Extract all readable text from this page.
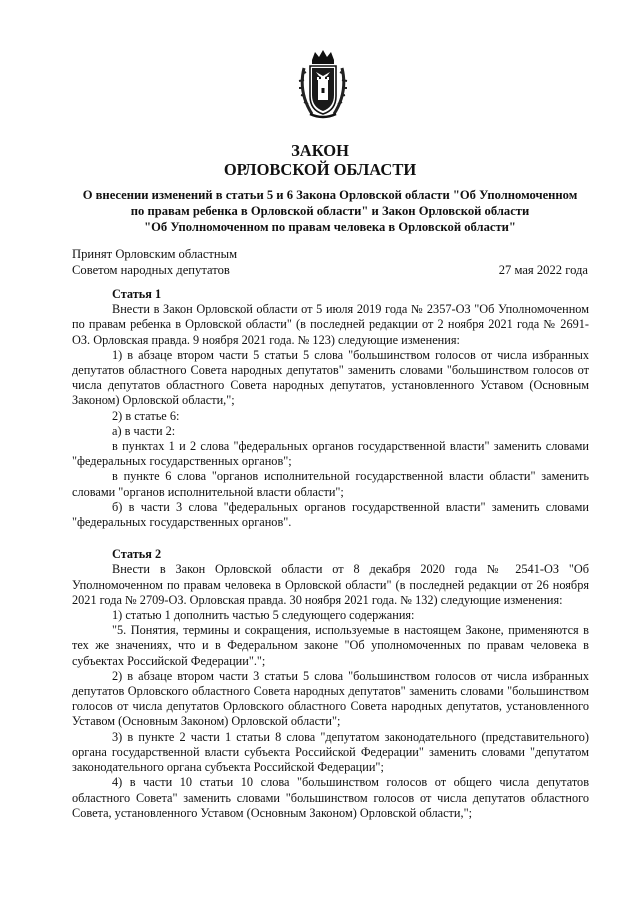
ЗАКОН
ОРЛОВСКОЙ ОБЛАСТИ
О внесении изменений в статьи 5 и 6 Закона Орловской области "Об Уполномоченном
по правам ребенка в Орловской области" и Закон Орловской области
"Об Уполномоченном по правам человека в Орловской области"
Принят Орловским областным
Советом народных депутатов	27 мая 2022 года
Статья 1

Внести в Закон Орловской области от 5 июля 2019 года № 2357-ОЗ "Об Уполномоченном по правам ребенка в Орловской области" (в последней редакции от 2 ноября 2021 года № 2691-ОЗ. Орловская правда. 9 ноября 2021 года. № 123) следующие изменения:

1) в абзаце втором части 5 статьи 5 слова "большинством голосов от числа избранных депутатов областного Совета народных депутатов" заменить словами "большинством голосов от числа депутатов областного Совета народных депутатов, установленного Уставом (Основным Законом) Орловской области,";

2) в статье 6:

а) в части 2:

в пунктах 1 и 2 слова "федеральных органов государственной власти" заменить словами "федеральных государственных органов";

в пункте 6 слова "органов исполнительной государственной власти области" заменить словами "органов исполнительной власти области";

б) в части 3 слова "федеральных органов государственной власти" заменить словами "федеральных государственных органов".

Статья 2

Внести в Закон Орловской области от 8 декабря 2020 года № 2541-ОЗ "Об Уполномоченном по правам человека в Орловской области" (в последней редакции от 26 ноября 2021 года № 2709-ОЗ. Орловская правда. 30 ноября 2021 года. № 132) следующие изменения:

1) статью 1 дополнить частью 5 следующего содержания:

"5. Понятия, термины и сокращения, используемые в настоящем Законе, применяются в тех же значениях, что и в Федеральном законе "Об уполномоченных по правам человека в субъектах Российской Федерации".";

2) в абзаце втором части 3 статьи 5 слова "большинством голосов от числа избранных депутатов Орловского областного Совета народных депутатов" заменить словами "большинством голосов от числа депутатов Орловского областного Совета народных депутатов, установленного Уставом (Основным Законом) Орловской области";

3) в пункте 2 части 1 статьи 8 слова "депутатом законодательного (представительного) органа государственной власти субъекта Российской Федерации" заменить словами "депутатом законодательного органа субъекта Российской Федерации";

4) в части 10 статьи 10 слова "большинством голосов от общего числа депутатов областного Совета" заменить словами "большинством голосов от числа депутатов областного Совета, установленного Уставом (Основным Законом) Орловской области,";
